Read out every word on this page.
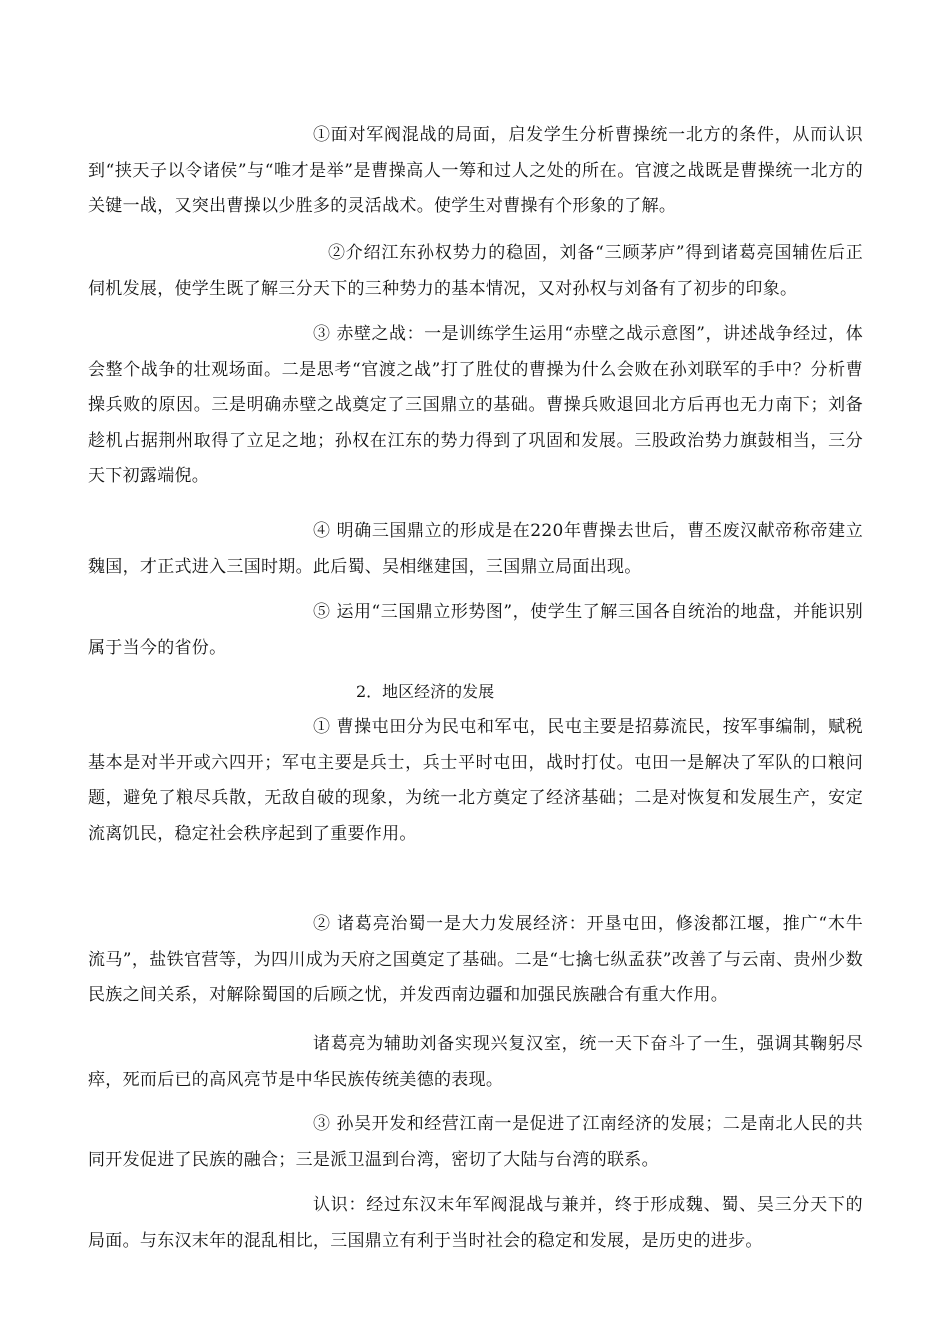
①面对军阀混战的局面，启发学生分析曹操统一北方的条件，从而认识到“挟天子以令诸侯”与“唯才是举”是曹操高人一筹和过人之处的所在。官渡之战既是曹操统一北方的关键一战，又突出曹操以少胜多的灵活战术。使学生对曹操有个形象的了解。

②介绍江东孙权势力的稳固，刘备“三顾茅庐”得到诸葛亮国辅佐后正伺机发展，使学生既了解三分天下的三种势力的基本情况，又对孙权与刘备有了初步的印象。

③ 赤壁之战：一是训练学生运用“赤壁之战示意图”，讲述战争经过，体会整个战争的壮观场面。二是思考“官渡之战”打了胜仗的曹操为什么会败在孙刘联军的手中？分析曹操兵败的原因。三是明确赤壁之战奠定了三国鼎立的基础。曹操兵败退回北方后再也无力南下；刘备趁机占据荆州取得了立足之地；孙权在江东的势力得到了巩固和发展。三股政治势力旗鼓相当，三分天下初露端倪。

④ 明确三国鼎立的形成是在220年曹操去世后，曹丕废汉献帝称帝建立魏国，才正式进入三国时期。此后蜀、吴相继建国，三国鼎立局面出现。

⑤ 运用“三国鼎立形势图”，使学生了解三国各自统治的地盘，并能识别属于当今的省份。

2．地区经济的发展

① 曹操屯田分为民屯和军屯，民屯主要是招募流民，按军事编制，赋税基本是对半开或六四开；军屯主要是兵士，兵士平时屯田，战时打仗。屯田一是解决了军队的口粮问题，避免了粮尽兵散，无敌自破的现象，为统一北方奠定了经济基础；二是对恢复和发展生产，安定流离饥民，稳定社会秩序起到了重要作用。

② 诸葛亮治蜀一是大力发展经济：开垦屯田，修浚都江堰，推广“木牛流马”，盐铁官营等，为四川成为天府之国奠定了基础。二是“七擒七纵孟获”改善了与云南、贵州少数民族之间关系，对解除蜀国的后顾之忧，并发西南边疆和加强民族融合有重大作用。

诸葛亮为辅助刘备实现兴复汉室，统一天下奋斗了一生，强调其鞠躬尽瘁，死而后已的高风亮节是中华民族传统美德的表现。

③ 孙吴开发和经营江南一是促进了江南经济的发展；二是南北人民的共同开发促进了民族的融合；三是派卫温到台湾，密切了大陆与台湾的联系。

认识：经过东汉末年军阀混战与兼并，终于形成魏、蜀、吴三分天下的局面。与东汉末年的混乱相比，三国鼎立有利于当时社会的稳定和发展，是历史的进步。
